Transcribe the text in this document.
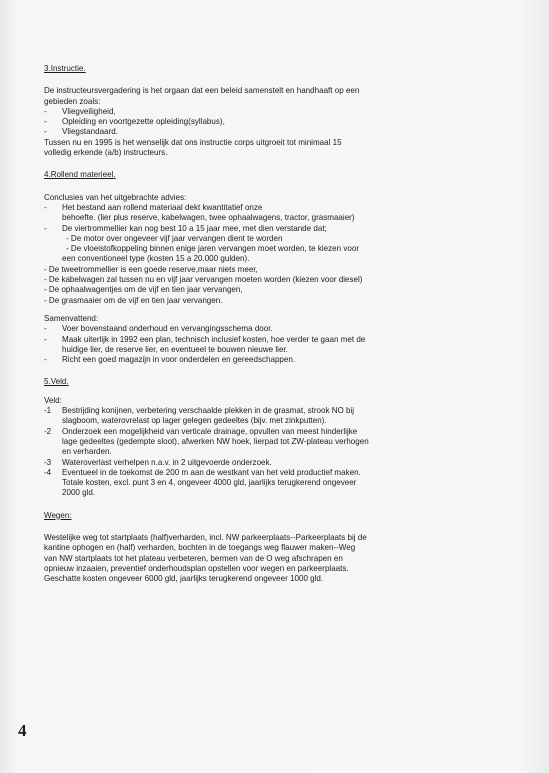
3.Instructie.

De instructeursvergadering is het orgaan dat een beleid samenstelt en handhaaft op een

gebieden zoals:

-	Vliegveiligheid,
-	Opleiding en voortgezette opleiding(syllabus),
-	Vliegstandaard.

Tussen nu en 1995 is het wenselijk dat ons instructie corps uitgroeit tot minimaal 15

volledig erkende (a/b) instructeurs.

4.Rollend materieel.

Conclusies van het uitgebrachte advies:

-	Het bestand aan rollend materiaal dekt kwantitatief onze

behoefte. (lier plus reserve, kabelwagen, twee ophaalwagens, tractor, grasmaaier)

-	De viertrommellier kan nog best 10 a 15 jaar mee, met dien verstande dat;

- De motor over ongeveer vijf jaar vervangen dient te worden

- De vloeistofkoppeling binnen enige jaren vervangen moet worden, te kiezen voor

een conventioneel type (kosten 15 a 20.000 gulden).

- De tweetrommellier is een goede reserve,maar niets meer,

- De kabelwagen zal tussen nu en vijf jaar vervangen moeten worden (kiezen voor diesel)

- De ophaalwagentjes om de vijf en tien jaar vervangen,

- De grasmaaier om de vijf en tien jaar vervangen.

Samenvattend:

-	Voer bovenstaand onderhoud en vervangingsschema door.
-	Maak uiterlijk in 1992 een plan, technisch inclusief kosten, hoe verder te gaan met de

huidige lier, de reserve lier, en eventueel te bouwen nieuwe lier.

-	Richt een goed magazijn in voor onderdelen en gereedschappen.

5.Veld.

Veld:

-1	Bestrijding konijnen, verbetering verschaalde plekken in de grasmat, strook NO bij

slagboom, waterovrelast op lager gelegen gedeeltes (bijv. met zinkputten).

-2	Onderzoek een mogelijkheid van verticale drainage, opvullen van meest hinderlijke

lage gedeeltes (gedempte sloot), afwerken NW hoek, lierpad tot ZW-plateau verhogen

en verharden.

-3	Wateroverlast verhelpen n.a.v. in 2 uitgevoerde onderzoek.
-4	Eventueel in de toekomst de 200 m aan de westkant van het veld productief maken.

Totale kosten, excl. punt 3 en 4, ongeveer 4000 gld, jaarlijks terugkerend ongeveer

2000 gld.

Wegen:

Westelijke weg tot startplaats (half)verharden, incl. NW parkeerplaats--Parkeerplaats bij de

kantine ophogen en (half) verharden, bochten in de toegangs weg flauwer maken--Weg

van NW startplaats tot het plateau verbeteren, bermen van de O weg afschrapen en

opnieuw inzaaien, preventief onderhoudsplan opstellen voor wegen en parkeerplaats.

Geschatte kosten ongeveer 6000 gld, jaarlijks terugkerend ongeveer 1000 gld.

4
